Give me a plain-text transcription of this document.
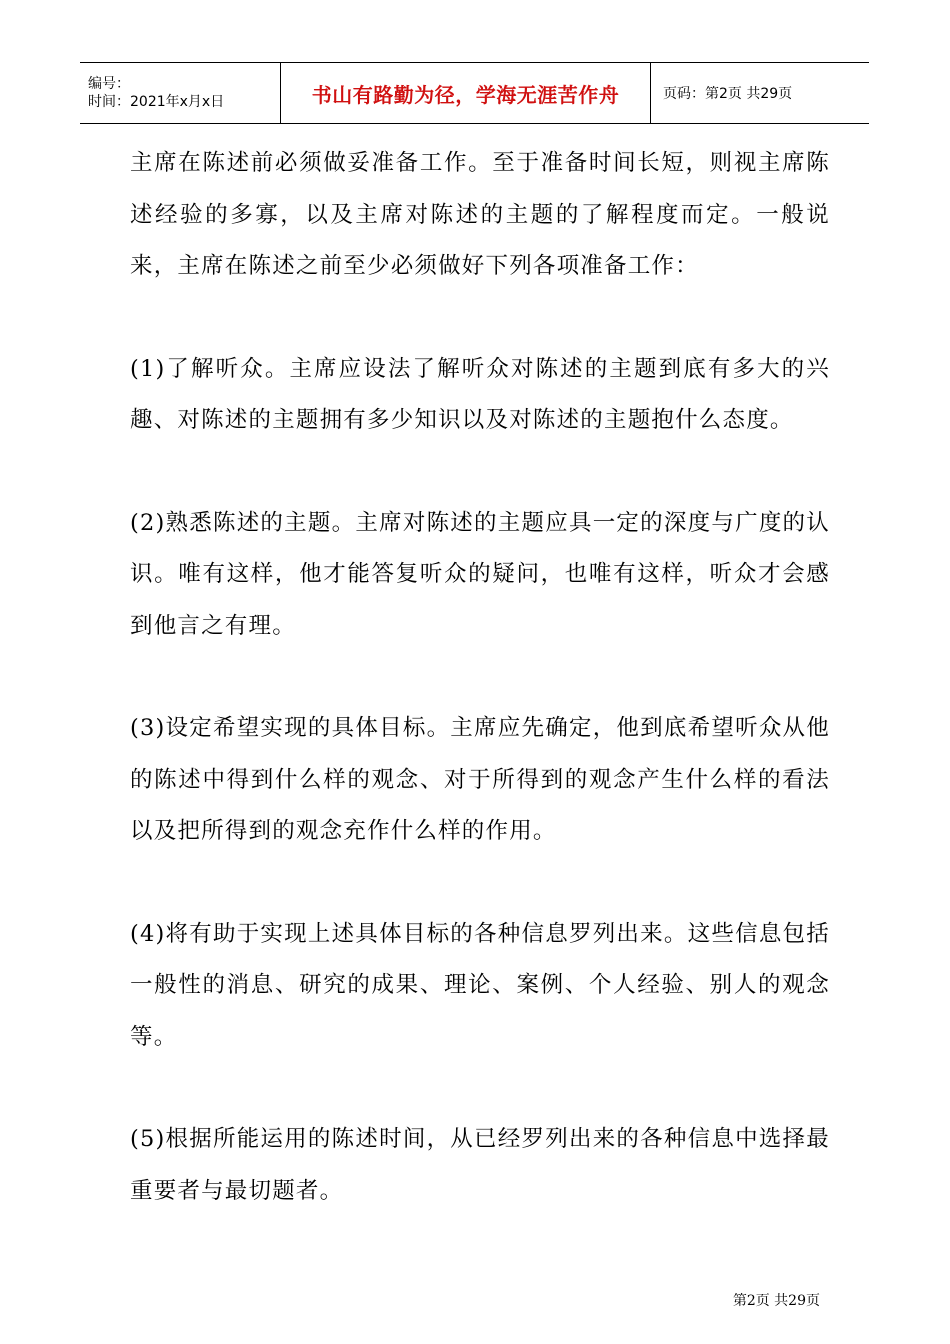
编号：
时间：2021年x月x日	书山有路勤为径，学海无涯苦作舟	页码：第2页 共29页

主席在陈述前必须做妥准备工作。至于准备时间长短，则视主席陈述经验的多寡，以及主席对陈述的主题的了解程度而定。一般说来，主席在陈述之前至少必须做好下列各项准备工作：

(1)了解听众。主席应设法了解听众对陈述的主题到底有多大的兴趣、对陈述的主题拥有多少知识以及对陈述的主题抱什么态度。

(2)熟悉陈述的主题。主席对陈述的主题应具一定的深度与广度的认识。唯有这样，他才能答复听众的疑问，也唯有这样，听众才会感到他言之有理。

(3)设定希望实现的具体目标。主席应先确定，他到底希望听众从他的陈述中得到什么样的观念、对于所得到的观念产生什么样的看法以及把所得到的观念充作什么样的作用。

(4)将有助于实现上述具体目标的各种信息罗列出来。这些信息包括一般性的消息、研究的成果、理论、案例、个人经验、别人的观念等。

(5)根据所能运用的陈述时间，从已经罗列出来的各种信息中选择最重要者与最切题者。

第2页 共29页
